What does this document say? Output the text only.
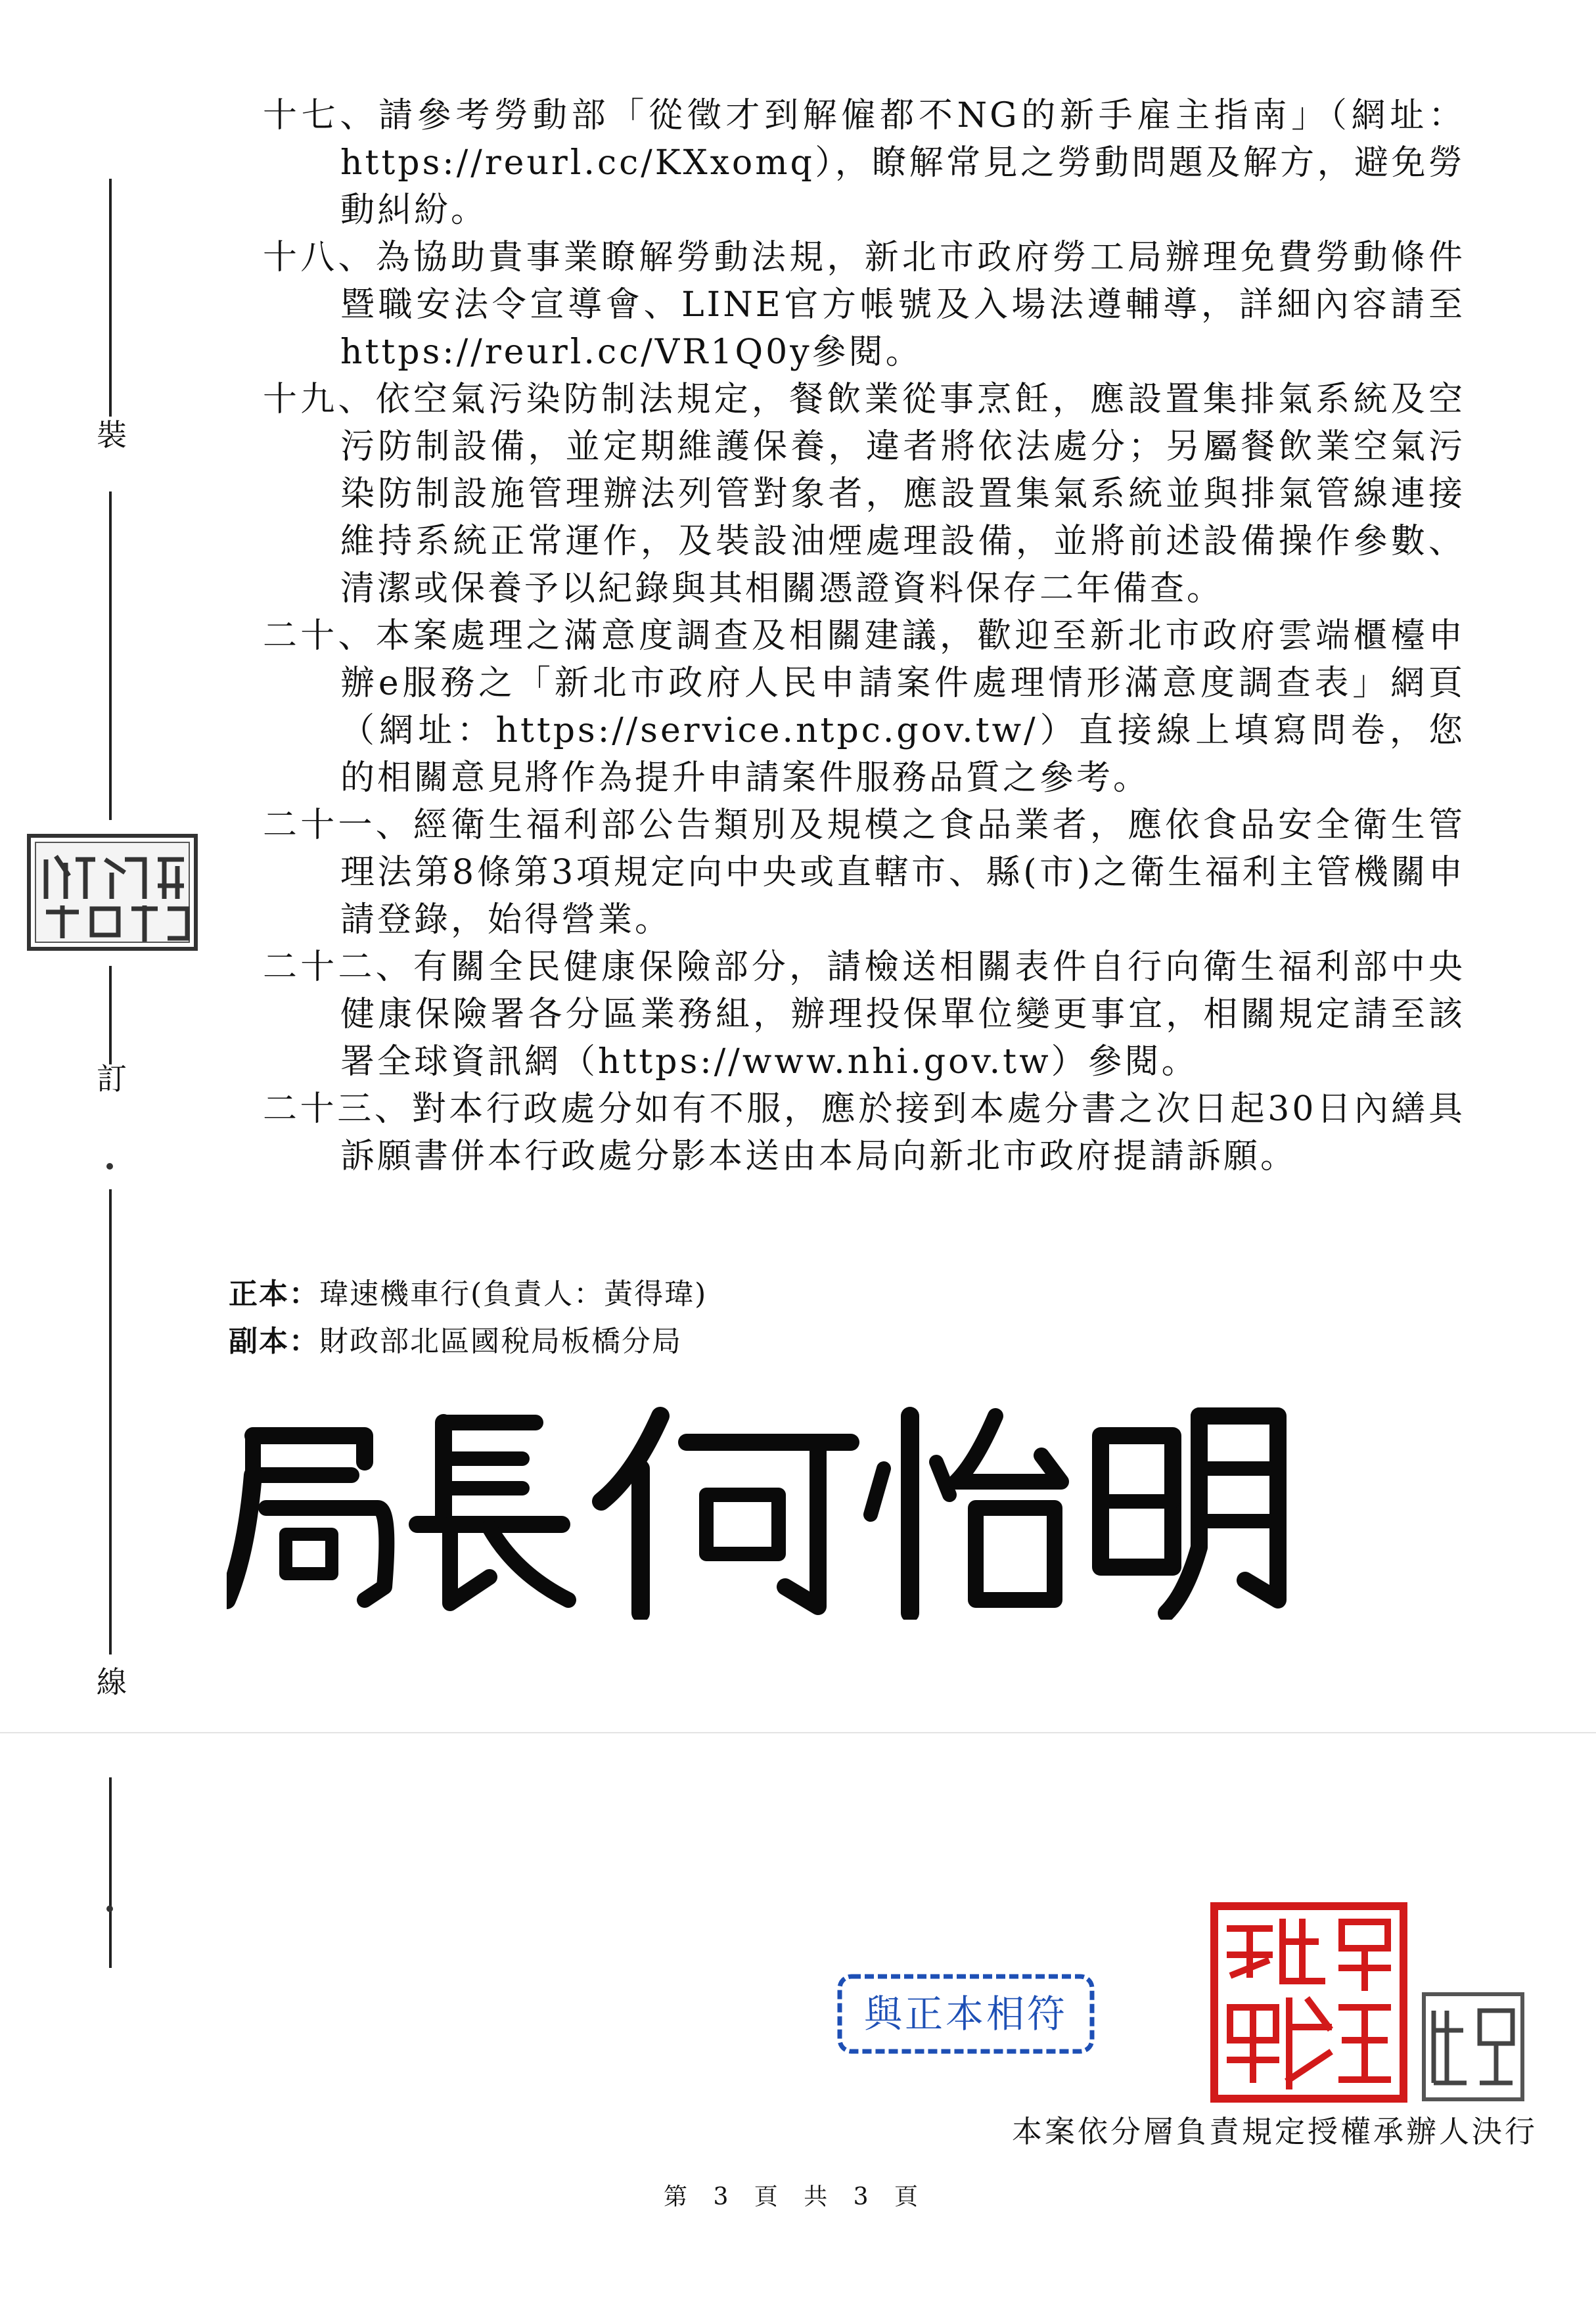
裝
訂
線
十七、請參考勞動部「從徵才到解僱都不NG的新手雇主指南」（網址：https://reurl.cc/KXxomq），瞭解常見之勞動問題及解方，避免勞動糾紛。
十八、為協助貴事業瞭解勞動法規，新北市政府勞工局辦理免費勞動條件暨職安法令宣導會、LINE官方帳號及入場法遵輔導，詳細內容請至https://reurl.cc/VR1Q0y參閱。
十九、依空氣污染防制法規定，餐飲業從事烹飪，應設置集排氣系統及空污防制設備，並定期維護保養，違者將依法處分；另屬餐飲業空氣污染防制設施管理辦法列管對象者，應設置集氣系統並與排氣管線連接維持系統正常運作，及裝設油煙處理設備，並將前述設備操作參數、清潔或保養予以紀錄與其相關憑證資料保存二年備查。
二十、本案處理之滿意度調查及相關建議，歡迎至新北市政府雲端櫃檯申辦e服務之「新北市政府人民申請案件處理情形滿意度調查表」網頁（網址：https://service.ntpc.gov.tw/）直接線上填寫問卷，您的相關意見將作為提升申請案件服務品質之參考。
二十一、經衛生福利部公告類別及規模之食品業者，應依食品安全衛生管理法第8條第3項規定向中央或直轄市、縣(市)之衛生福利主管機關申請登錄，始得營業。
二十二、有關全民健康保險部分，請檢送相關表件自行向衛生福利部中央健康保險署各分區業務組，辦理投保單位變更事宜，相關規定請至該署全球資訊網（https://www.nhi.gov.tw）參閱。
二十三、對本行政處分如有不服，應於接到本處分書之次日起30日內繕具訴願書併本行政處分影本送由本局向新北市政府提請訴願。
正本：瑋速機車行(負責人：黃得瑋)
副本：財政部北區國稅局板橋分局
局長何怡明
與正本相符
本案依分層負責規定授權承辦人決行
第 3 頁 共 3 頁
